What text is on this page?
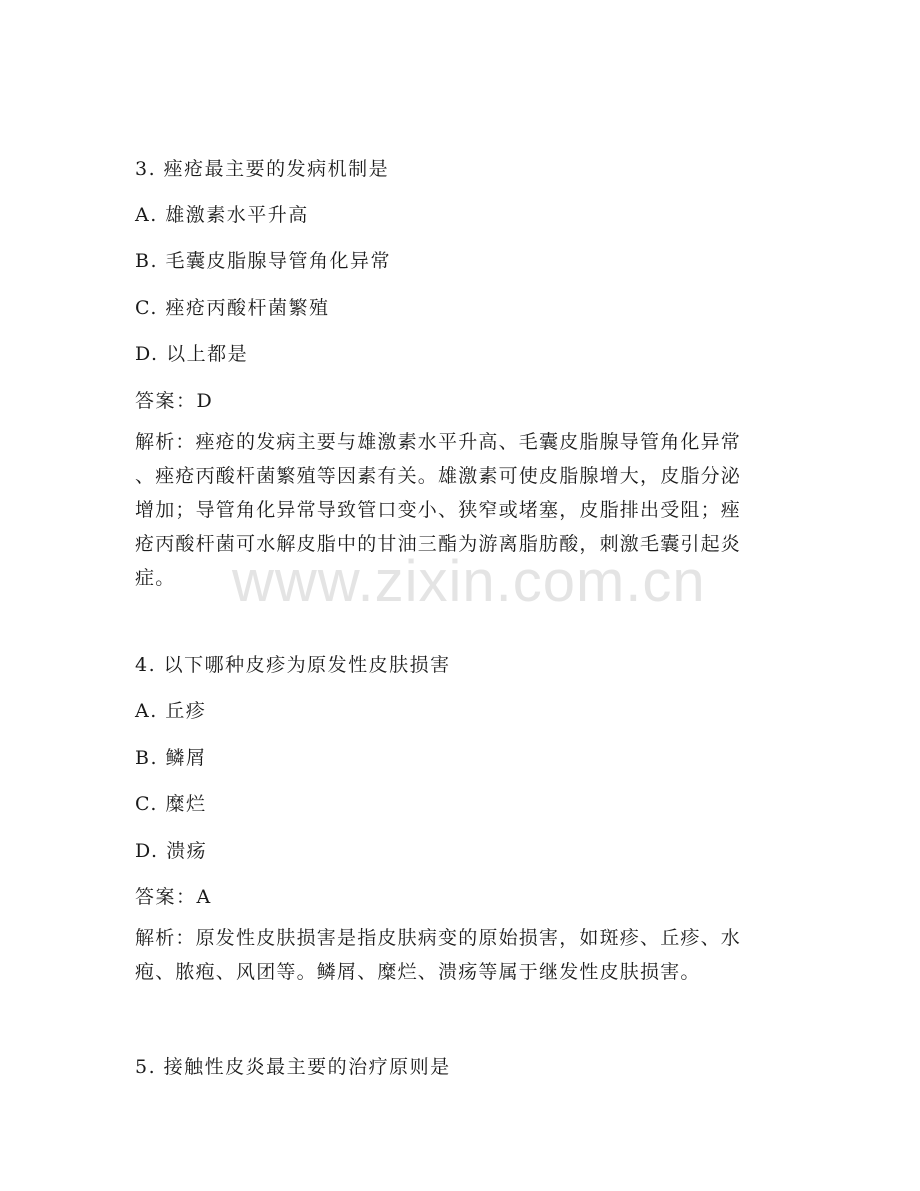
3. 痤疮最主要的发病机制是
A. 雄激素水平升高
B. 毛囊皮脂腺导管角化异常
C. 痤疮丙酸杆菌繁殖
D. 以上都是
答案：D
解析：痤疮的发病主要与雄激素水平升高、毛囊皮脂腺导管角化异常
、痤疮丙酸杆菌繁殖等因素有关。雄激素可使皮脂腺增大，皮脂分泌
增加；导管角化异常导致管口变小、狭窄或堵塞，皮脂排出受阻；痤
疮丙酸杆菌可水解皮脂中的甘油三酯为游离脂肪酸，刺激毛囊引起炎
症。 www.zixin.com.cn
4. 以下哪种皮疹为原发性皮肤损害
A. 丘疹
B. 鳞屑
C. 糜烂
D. 溃疡
答案：A
解析：原发性皮肤损害是指皮肤病变的原始损害，如斑疹、丘疹、水
疱、脓疱、风团等。鳞屑、糜烂、溃疡等属于继发性皮肤损害。
5. 接触性皮炎最主要的治疗原则是
